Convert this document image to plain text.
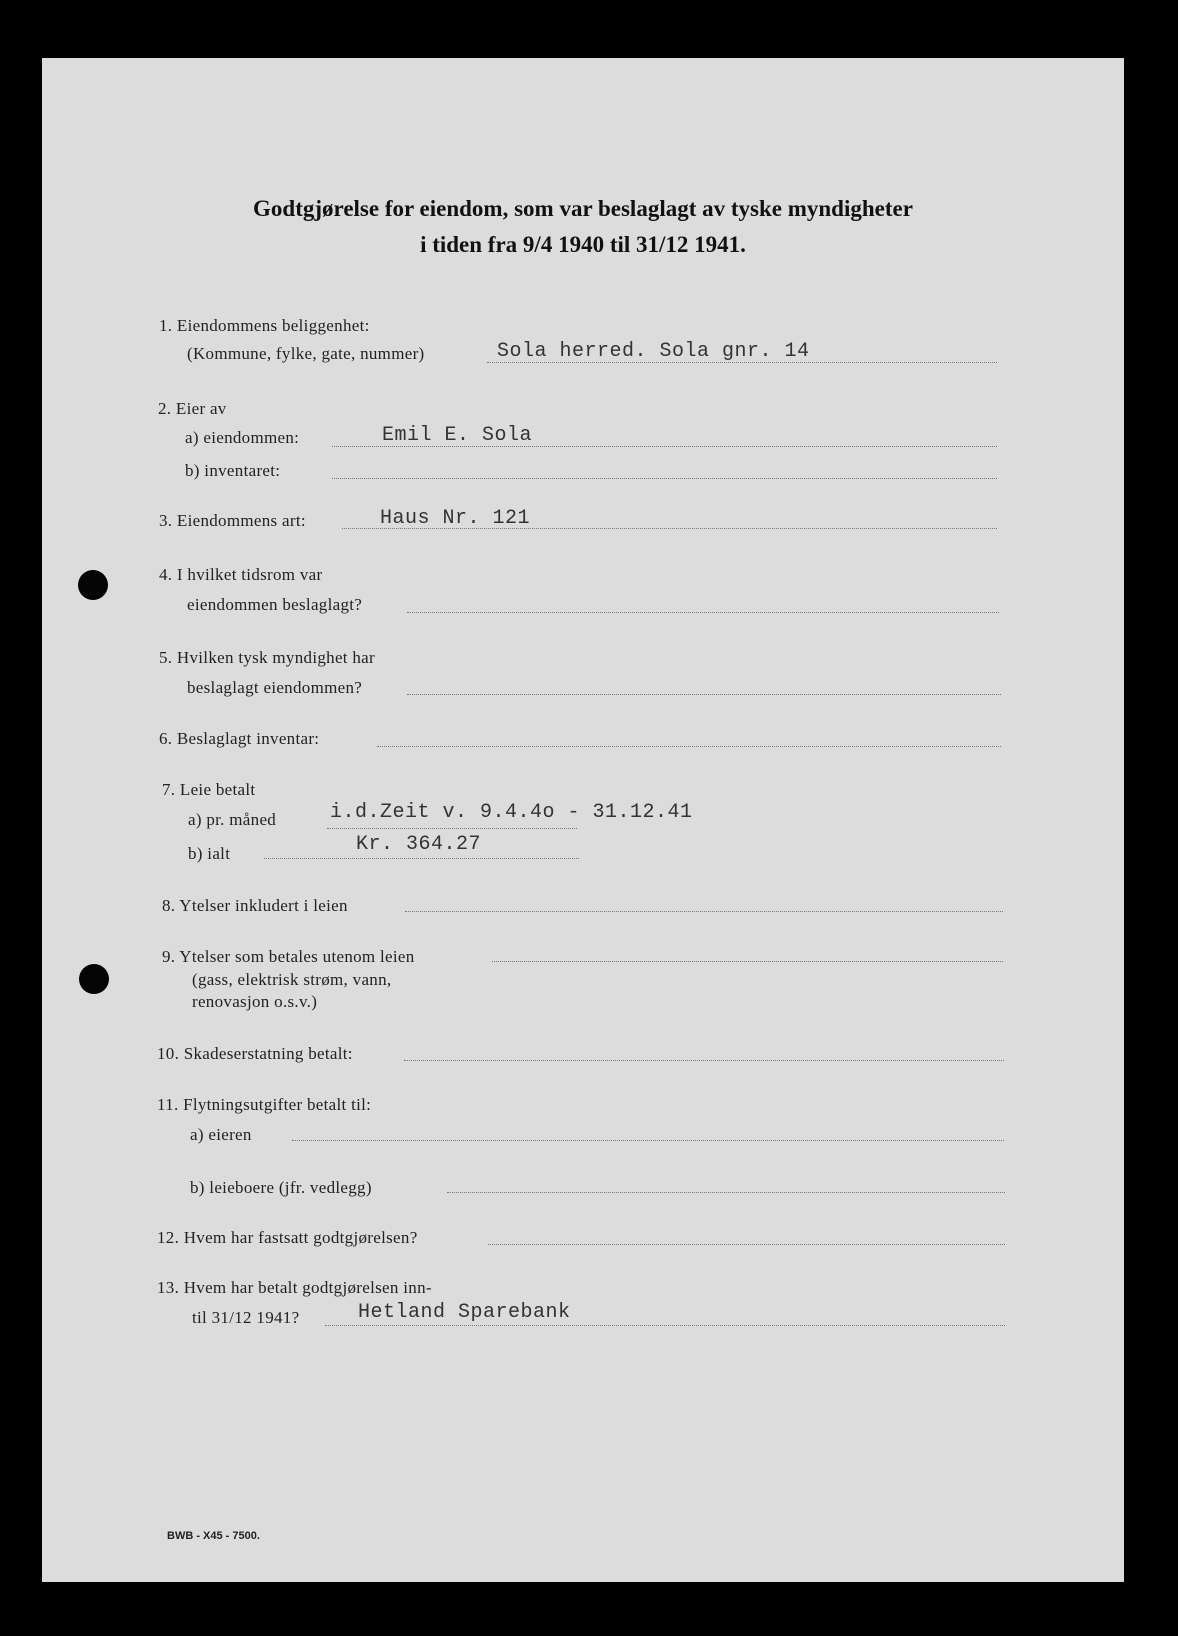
Godtgjørelse for eiendom, som var beslaglagt av tyske myndigheter
i tiden fra 9/4 1940 til 31/12 1941.
1. Eiendommens beliggenhet:
(Kommune, fylke, gate, nummer)	Sola herred. Sola gnr. 14
2. Eier av
a) eiendommen:	Emil E. Sola
b) inventaret:
3. Eiendommens art:	Haus Nr. 121
4. I hvilket tidsrom var
eiendommen beslaglagt?
5. Hvilken tysk myndighet har
beslaglagt eiendommen?
6. Beslaglagt inventar:
7. Leie betalt
a) pr. måned	i.d.Zeit v. 9.4.4o - 31.12.41
b) ialt	Kr. 364.27
8. Ytelser inkludert i leien
9. Ytelser som betales utenom leien
(gass, elektrisk strøm, vann,
renovasjon o.s.v.)
10. Skadeserstatning betalt:
11. Flytningsutgifter betalt til:
a) eieren
b) leieboere (jfr. vedlegg)
12. Hvem har fastsatt godtgjørelsen?
13. Hvem har betalt godtgjørelsen inn-
til 31/12 1941?	Hetland Sparebank
BWB - X45 - 7500.
